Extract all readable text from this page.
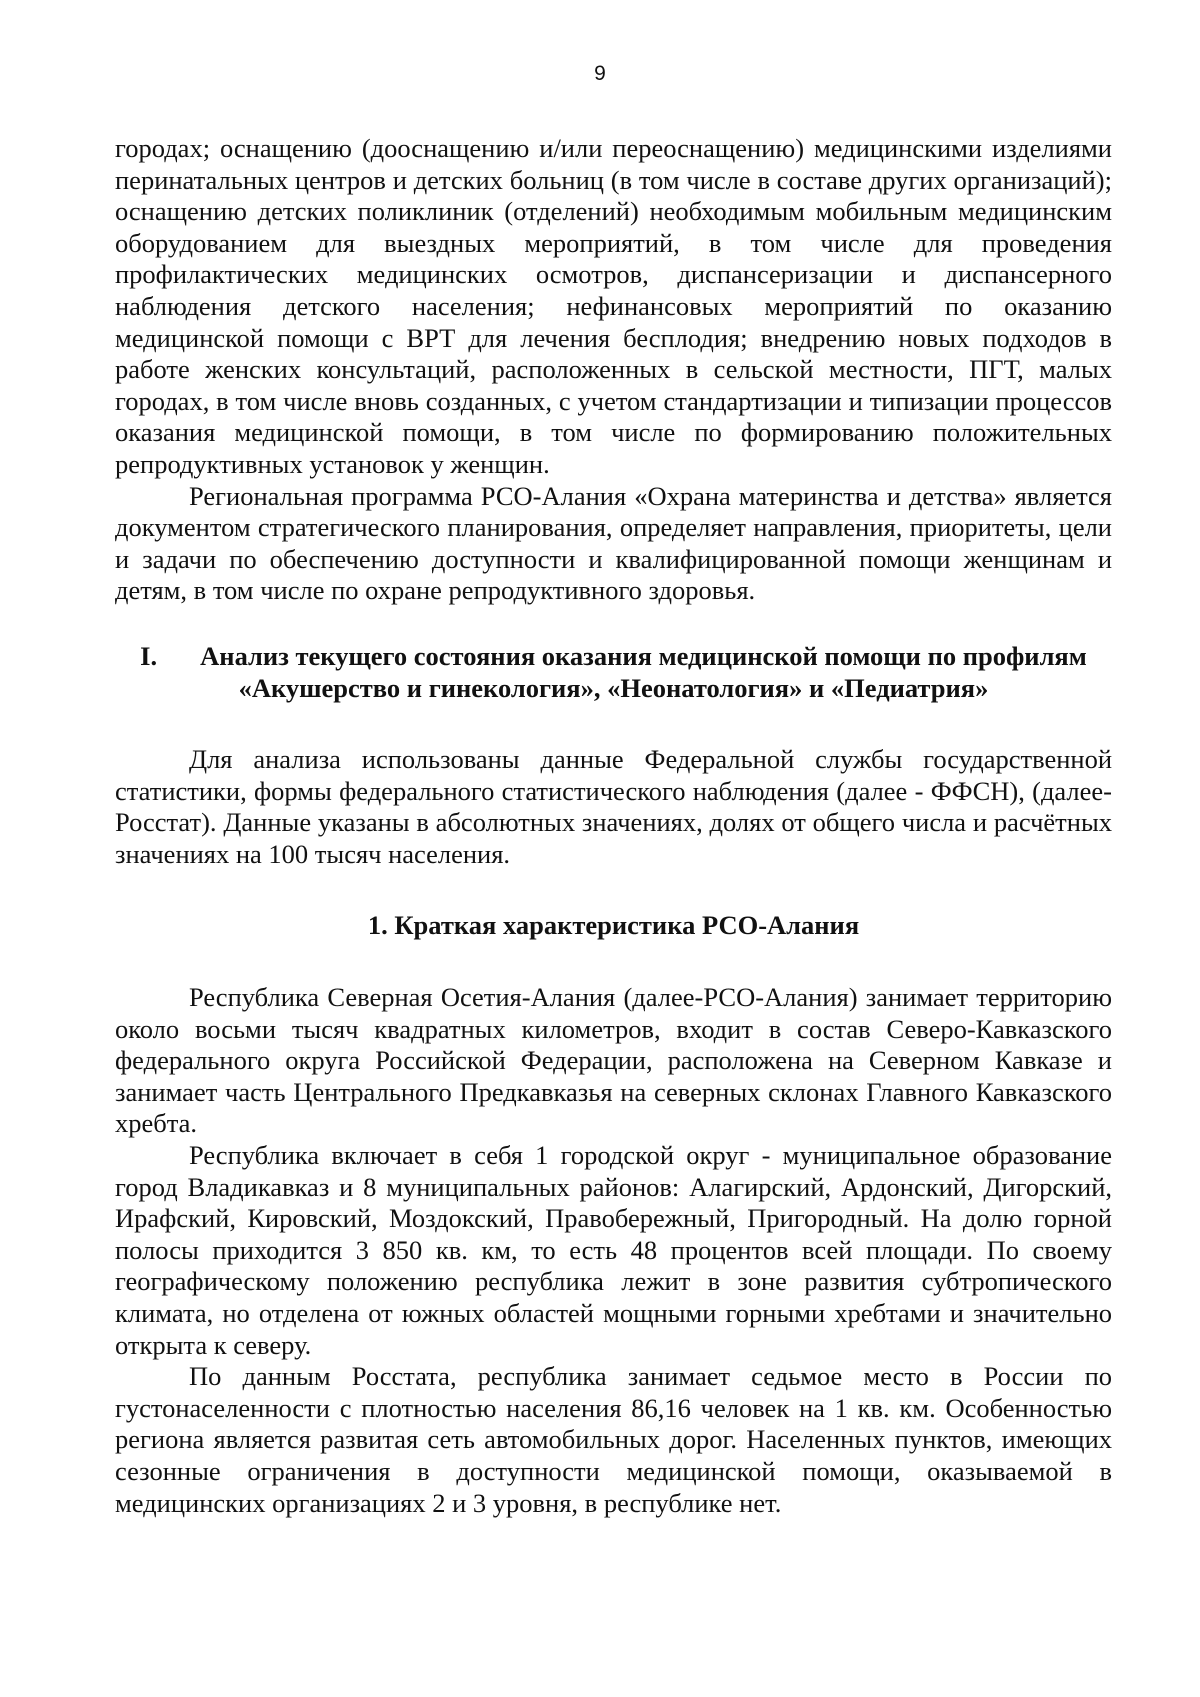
9

городах; оснащению (дооснащению и/или переоснащению) медицинскими изделиями перинатальных центров и детских больниц (в том числе в составе других организаций); оснащению детских поликлиник (отделений) необходимым мобильным медицинским оборудованием для выездных мероприятий, в том числе для проведения профилактических медицинских осмотров, диспансеризации и диспансерного наблюдения детского населения; нефинансовых мероприятий по оказанию медицинской помощи с ВРТ для лечения бесплодия; внедрению новых подходов в работе женских консультаций, расположенных в сельской местности, ПГТ, малых городах, в том числе вновь созданных, с учетом стандартизации и типизации процессов оказания медицинской помощи, в том числе по формированию положительных репродуктивных установок у женщин.

Региональная программа РСО-Алания «Охрана материнства и детства» является документом стратегического планирования, определяет направления, приоритеты, цели и задачи по обеспечению доступности и квалифицированной помощи женщинам и детям, в том числе по охране репродуктивного здоровья.

I. Анализ текущего состояния оказания медицинской помощи по профилям
«Акушерство и гинекология», «Неонатология» и «Педиатрия»

Для анализа использованы данные Федеральной службы государственной статистики, формы федерального статистического наблюдения (далее - ФФСН), (далее-Росстат). Данные указаны в абсолютных значениях, долях от общего числа и расчётных значениях на 100 тысяч населения.

1. Краткая характеристика РСО-Алания

Республика Северная Осетия-Алания (далее-РСО-Алания) занимает территорию около восьми тысяч квадратных километров, входит в состав Северо-Кавказского федерального округа Российской Федерации, расположена на Северном Кавказе и занимает часть Центрального Предкавказья на северных склонах Главного Кавказского хребта.

Республика включает в себя 1 городской округ - муниципальное образование город Владикавказ и 8 муниципальных районов: Алагирский, Ардонский, Дигорский, Ирафский, Кировский, Моздокский, Правобережный, Пригородный. На долю горной полосы приходится 3 850 кв. км, то есть 48 процентов всей площади. По своему географическому положению республика лежит в зоне развития субтропического климата, но отделена от южных областей мощными горными хребтами и значительно открыта к северу.

По данным Росстата, республика занимает седьмое место в России по густонаселенности с плотностью населения 86,16 человек на 1 кв. км. Особенностью региона является развитая сеть автомобильных дорог. Населенных пунктов, имеющих сезонные ограничения в доступности медицинской помощи, оказываемой в медицинских организациях 2 и 3 уровня, в республике нет.
